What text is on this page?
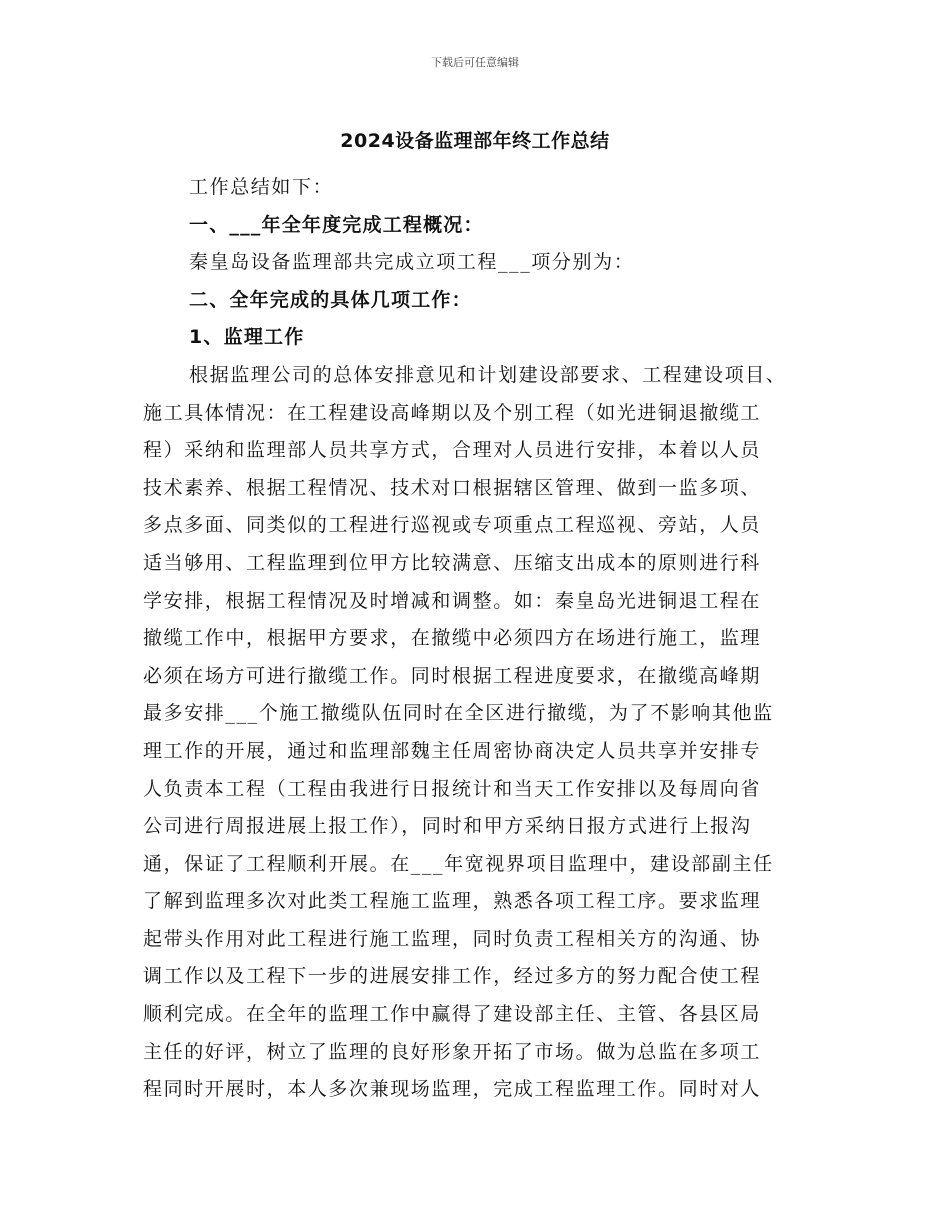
下载后可任意编辑
2024设备监理部年终工作总结
工作总结如下：
一、___年全年度完成工程概况：
秦皇岛设备监理部共完成立项工程___项分别为：
二、全年完成的具体几项工作：
1、监理工作
根据监理公司的总体安排意见和计划建设部要求、工程建设项目、
施工具体情况：在工程建设高峰期以及个别工程（如光进铜退撤缆工
程）采纳和监理部人员共享方式，合理对人员进行安排，本着以人员
技术素养、根据工程情况、技术对口根据辖区管理、做到一监多项、
多点多面、同类似的工程进行巡视或专项重点工程巡视、旁站，人员
适当够用、工程监理到位甲方比较满意、压缩支出成本的原则进行科
学安排，根据工程情况及时增减和调整。如：秦皇岛光进铜退工程在
撤缆工作中，根据甲方要求，在撤缆中必须四方在场进行施工，监理
必须在场方可进行撤缆工作。同时根据工程进度要求，在撤缆高峰期
最多安排___个施工撤缆队伍同时在全区进行撤缆，为了不影响其他监
理工作的开展，通过和监理部魏主任周密协商决定人员共享并安排专
人负责本工程（工程由我进行日报统计和当天工作安排以及每周向省
公司进行周报进展上报工作），同时和甲方采纳日报方式进行上报沟
通，保证了工程顺利开展。在___年宽视界项目监理中，建设部副主任
了解到监理多次对此类工程施工监理，熟悉各项工程工序。要求监理
起带头作用对此工程进行施工监理，同时负责工程相关方的沟通、协
调工作以及工程下一步的进展安排工作，经过多方的努力配合使工程
顺利完成。在全年的监理工作中赢得了建设部主任、主管、各县区局
主任的好评，树立了监理的良好形象开拓了市场。做为总监在多项工
程同时开展时，本人多次兼现场监理，完成工程监理工作。同时对人
